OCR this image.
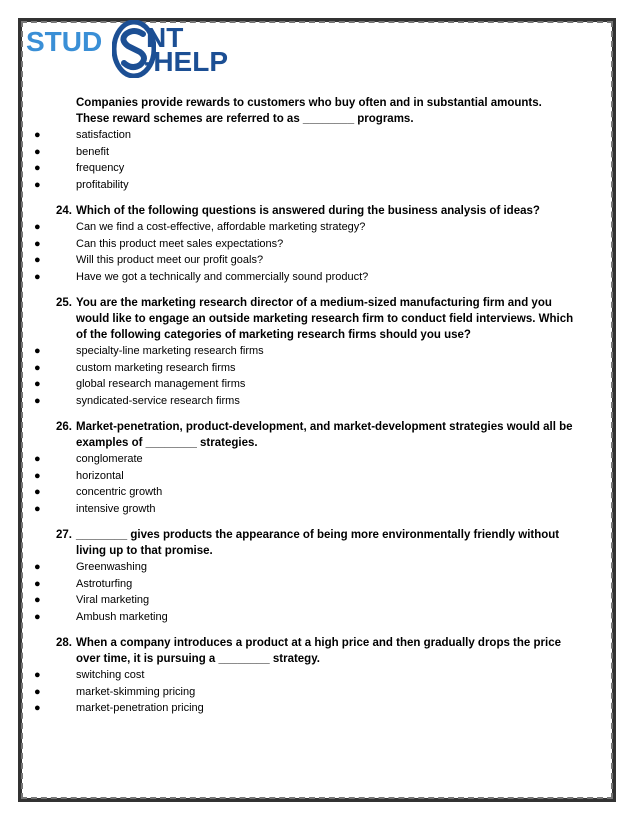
STUD NT
-HELP

Companies provide rewards to customers who buy often and in substantial amounts. These reward schemes are referred to as ________ programs.

●	satisfaction
●	benefit
●	frequency
●	profitability

24. Which of the following questions is answered during the business analysis of ideas?

●	Can we find a cost-effective, affordable marketing strategy?
●	Can this product meet sales expectations?
●	Will this product meet our profit goals?
●	Have we got a technically and commercially sound product?

25. You are the marketing research director of a medium-sized manufacturing firm and you would like to engage an outside marketing research firm to conduct field interviews. Which of the following categories of marketing research firms should you use?

●	specialty-line marketing research firms
●	custom marketing research firms
●	global research management firms
●	syndicated-service research firms

26. Market-penetration, product-development, and market-development strategies would all be examples of ________ strategies.

●	conglomerate
●	horizontal
●	concentric growth
●	intensive growth

27. ________ gives products the appearance of being more environmentally friendly without living up to that promise.

●	Greenwashing
●	Astroturfing
●	Viral marketing
●	Ambush marketing

28. When a company introduces a product at a high price and then gradually drops the price over time, it is pursuing a ________ strategy.

●	switching cost
●	market-skimming pricing
●	market-penetration pricing
